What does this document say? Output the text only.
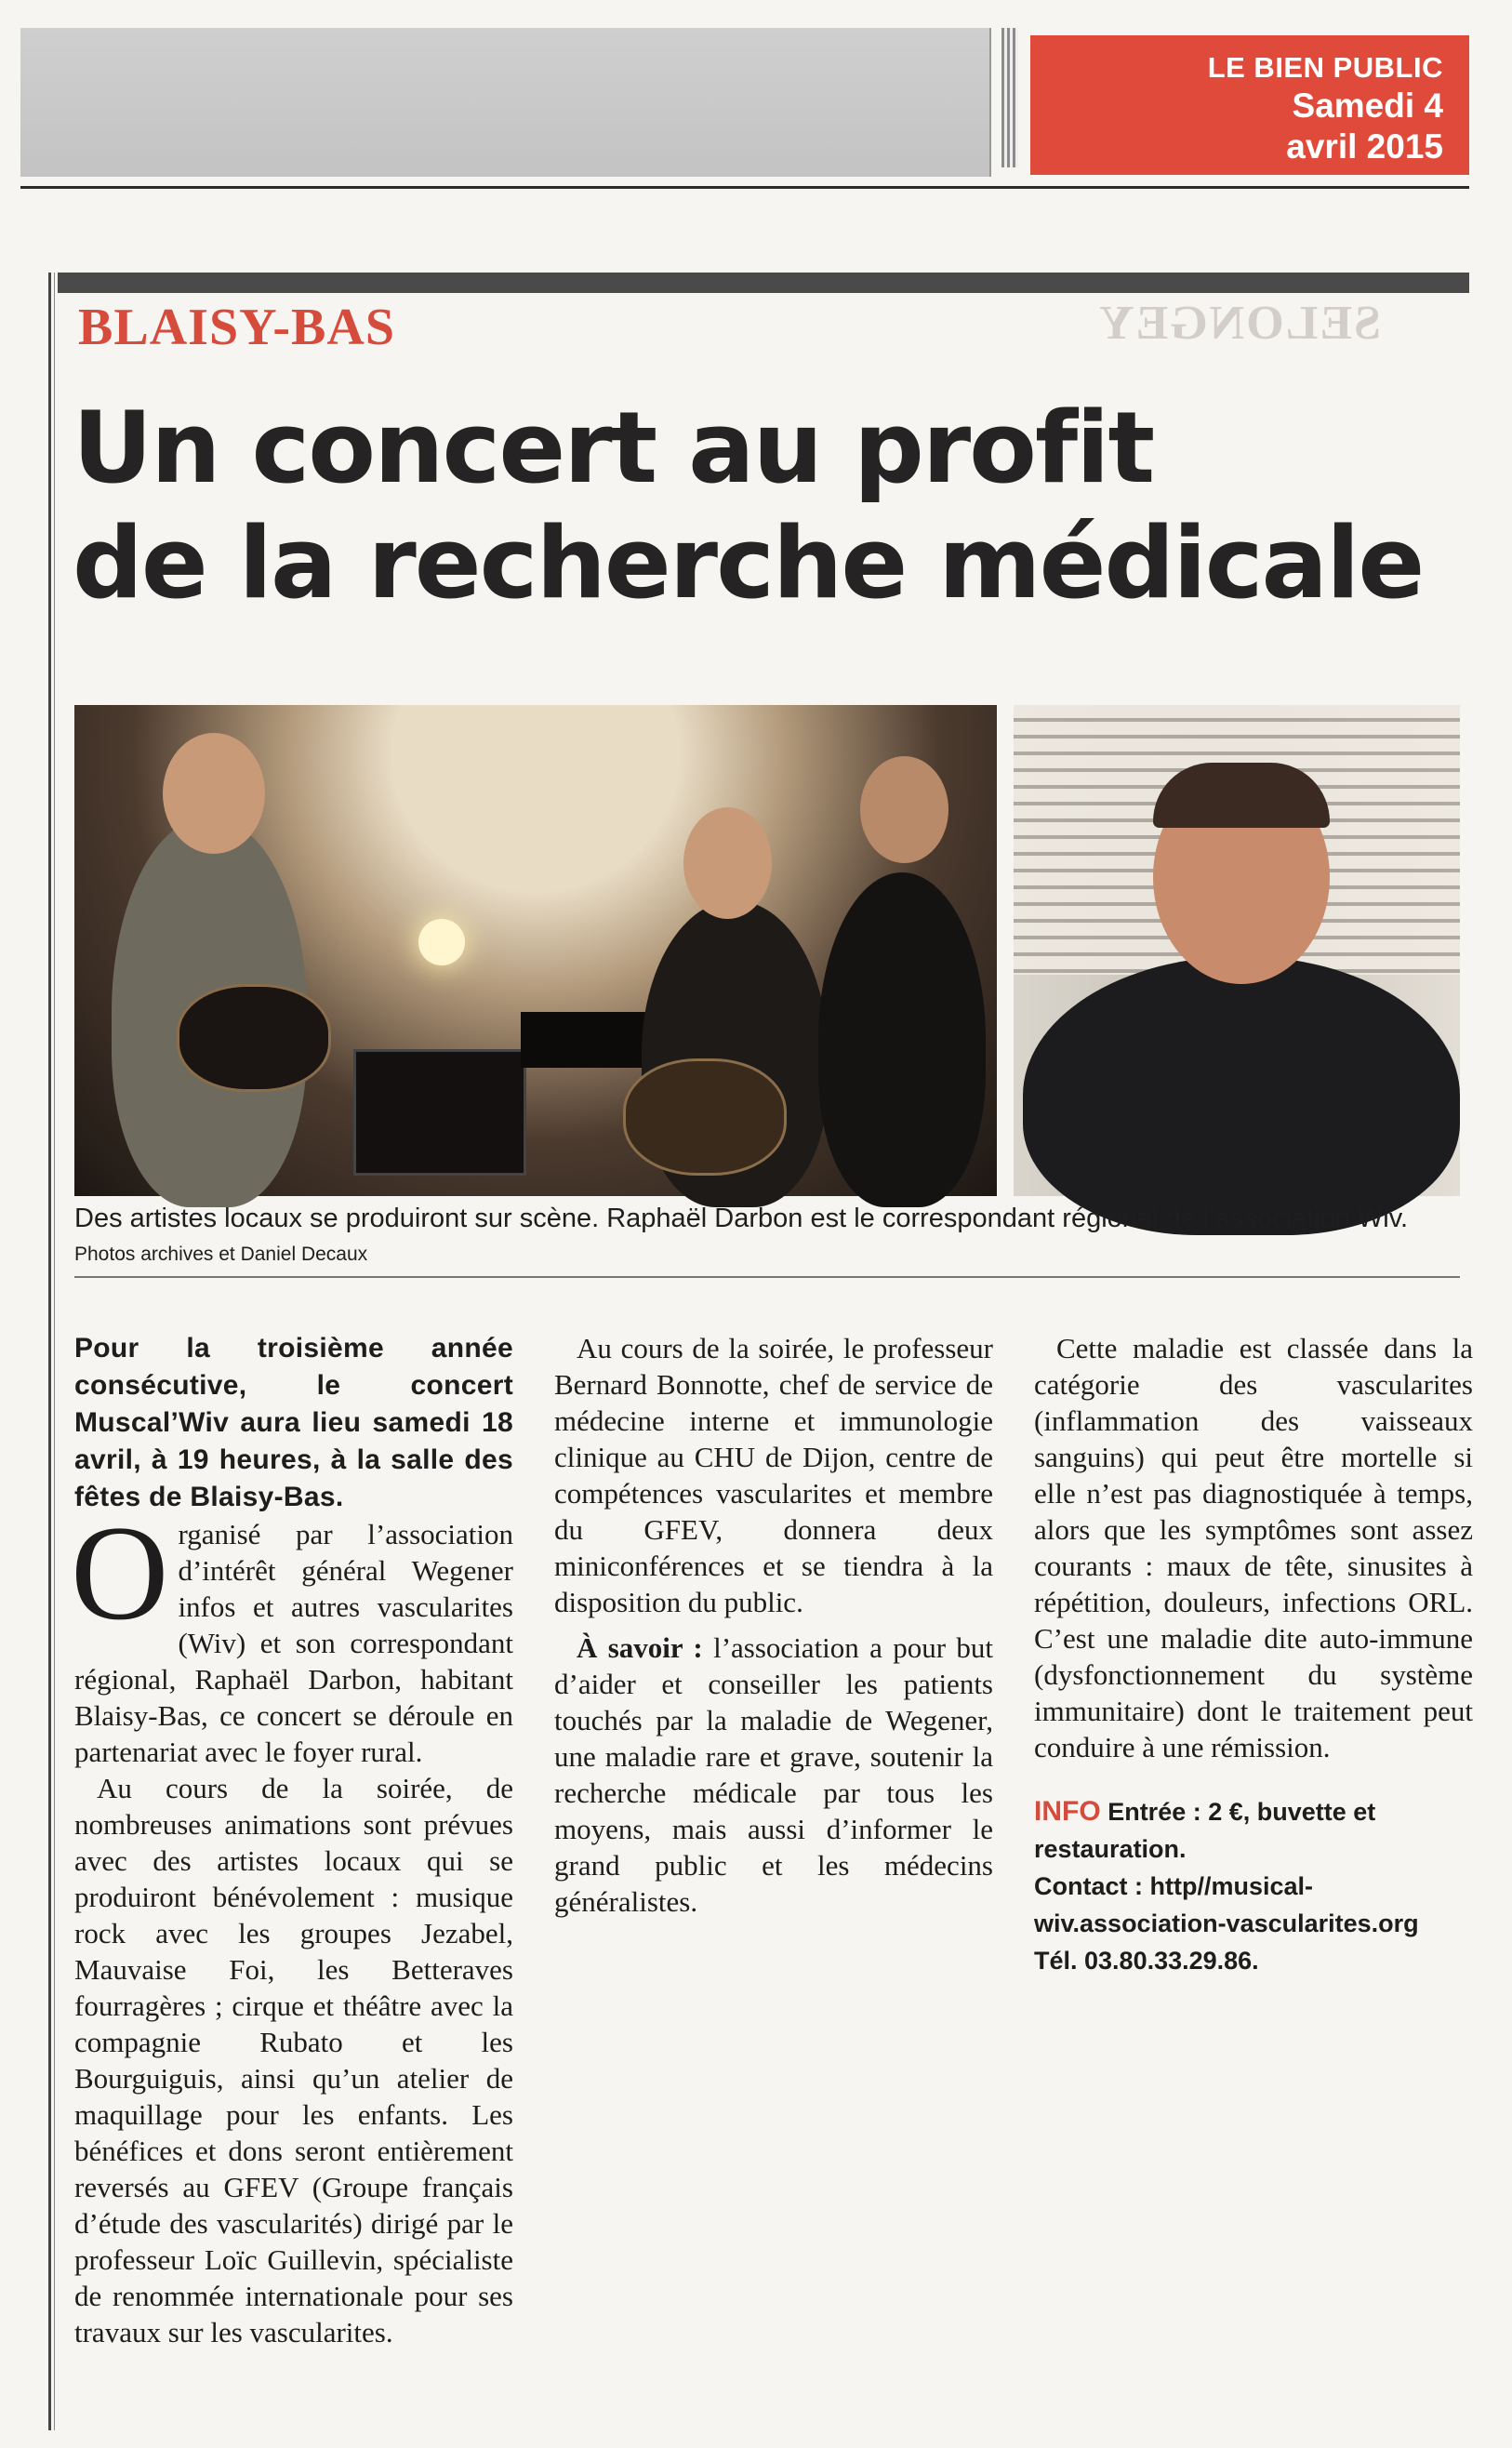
LE BIEN PUBLIC
Samedi 4
avril 2015
SELONGEY
BLAISY-BAS
Un concert au profit
de la recherche médicale
Des artistes locaux se produiront sur scène. Raphaël Darbon est le correspondant régional de l’association Wiv. Photos archives et Daniel Decaux

Pour la troisième année consécutive, le concert Muscal’Wiv aura lieu samedi 18 avril, à 19 heures, à la salle des fêtes de Blaisy-Bas.

Organisé par l’association d’intérêt général Wegener infos et autres vascularites (Wiv) et son correspondant régional, Raphaël Darbon, habitant Blaisy-Bas, ce concert se déroule en partenariat avec le foyer rural.

Au cours de la soirée, de nombreuses animations sont prévues avec des artistes locaux qui se produiront bénévolement : musique rock avec les groupes Jezabel, Mauvaise Foi, les Betteraves fourragères ; cirque et théâtre avec la compagnie Rubato et les Bourguiguis, ainsi qu’un atelier de maquillage pour les enfants. Les bénéfices et dons seront entièrement reversés au GFEV (Groupe français d’étude des vascularités) dirigé par le professeur Loïc Guillevin, spécialiste de renommée internationale pour ses travaux sur les vascularites.

Au cours de la soirée, le professeur Bernard Bonnotte, chef de service de médecine interne et immunologie clinique au CHU de Dijon, centre de compétences vascularites et membre du GFEV, donnera deux miniconférences et se tiendra à la disposition du public.

À savoir : l’association a pour but d’aider et conseiller les patients touchés par la maladie de Wegener, une maladie rare et grave, soutenir la recherche médicale par tous les moyens, mais aussi d’informer le grand public et les médecins généralistes.

Cette maladie est classée dans la catégorie des vascularites (inflammation des vaisseaux sanguins) qui peut être mortelle si elle n’est pas diagnostiquée à temps, alors que les symptômes sont assez courants : maux de tête, sinusites à répétition, douleurs, infections ORL. C’est une maladie dite auto-immune (dysfonctionnement du système immunitaire) dont le traitement peut conduire à une rémission.

INFO Entrée : 2 €, buvette et restauration.
Contact : http//musical-wiv.association-vascularites.org
Tél. 03.80.33.29.86.
